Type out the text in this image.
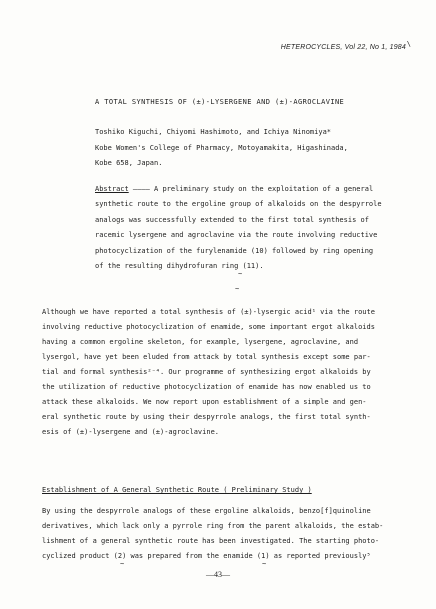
\
HETEROCYCLES, Vol 22, No 1, 1984
A TOTAL SYNTHESIS OF (±)-LYSERGENE AND (±)-AGROCLAVINE
Toshiko Kiguchi, Chiyomi Hashimoto, and Ichiya Ninomiya*
Kobe Women's College of Pharmacy, Motoyamakita, Higashinada,
Kobe 658, Japan.
Abstract ———— A preliminary study on the exploitation of a general
synthetic route to the ergoline group of alkaloids on the despyrrole
analogs was successfully extended to the first total synthesis of
racemic lysergene and agroclavine via the route involving reductive
photocyclization of the furylenamide (10) followed by ring opening
of the resulting dihydrofuran ring (11).
~
~
Although we have reported a total synthesis of (±)-lysergic acid¹ via the route
involving reductive photocyclization of enamide, some important ergot alkaloids
having a common ergoline skeleton, for example, lysergene, agroclavine, and
lysergol, have yet been eluded from attack by total synthesis except some par-
tial and formal synthesis²⁻⁴. Our programme of synthesizing ergot alkaloids by
the utilization of reductive photocyclization of enamide has now enabled us to
attack these alkaloids. We now report upon establishment of a simple and gen-
eral synthetic route by using their despyrrole analogs, the first total synth-
esis of (±)-lysergene and (±)-agroclavine.
Establishment of A General Synthetic Route ( Preliminary Study )
By using the despyrrole analogs of these ergoline alkaloids, benzo[f]quinoline
derivatives, which lack only a pyrrole ring from the parent alkaloids, the estab-
lishment of a general synthetic route has been investigated. The starting photo-
cyclized product (2) was prepared from the enamide (1) as reported previously⁵
~	~
—43—
